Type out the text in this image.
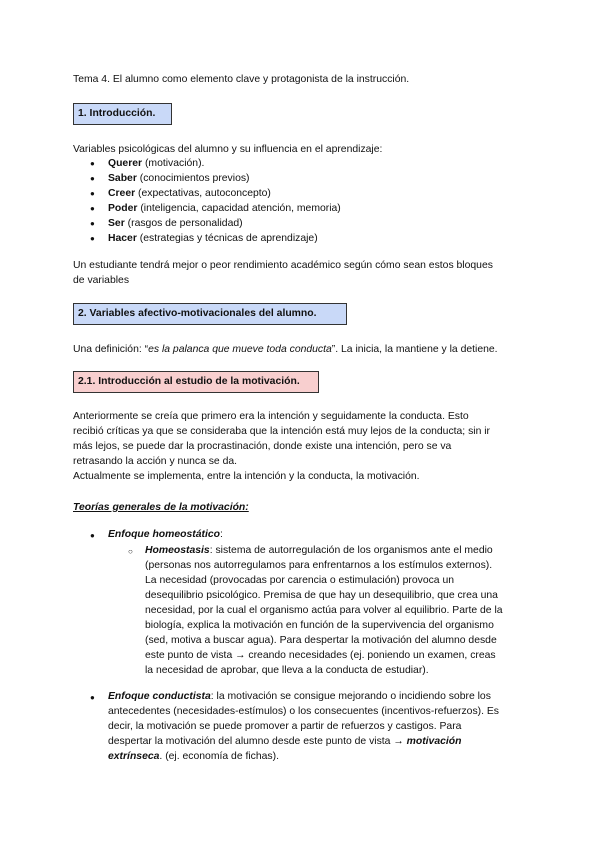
Tema 4. El alumno como elemento clave y protagonista de la instrucción.
1. Introducción.
Variables psicológicas del alumno y su influencia en el aprendizaje:
● Querer (motivación).
● Saber (conocimientos previos)
● Creer (expectativas, autoconcepto)
● Poder (inteligencia, capacidad atención, memoria)
● Ser (rasgos de personalidad)
● Hacer (estrategias y técnicas de aprendizaje)
Un estudiante tendrá mejor o peor rendimiento académico según cómo sean estos bloques
de variables
2. Variables afectivo-motivacionales del alumno.
Una definición: “es la palanca que mueve toda conducta”. La inicia, la mantiene y la detiene.
2.1. Introducción al estudio de la motivación.
Anteriormente se creía que primero era la intención y seguidamente la conducta. Esto
recibió críticas ya que se consideraba que la intención está muy lejos de la conducta; sin ir
más lejos, se puede dar la procrastinación, donde existe una intención, pero se va
retrasando la acción y nunca se da.
Actualmente se implementa, entre la intención y la conducta, la motivación.
Teorías generales de la motivación:
● Enfoque homeostático:
○ Homeostasis: sistema de autorregulación de los organismos ante el medio
(personas nos autorregulamos para enfrentarnos a los estímulos externos).
La necesidad (provocadas por carencia o estimulación) provoca un
desequilibrio psicológico. Premisa de que hay un desequilibrio, que crea una
necesidad, por la cual el organismo actúa para volver al equilibrio. Parte de la
biología, explica la motivación en función de la supervivencia del organismo
(sed, motiva a buscar agua). Para despertar la motivación del alumno desde
este punto de vista → creando necesidades (ej. poniendo un examen, creas
la necesidad de aprobar, que lleva a la conducta de estudiar).
● Enfoque conductista: la motivación se consigue mejorando o incidiendo sobre los
antecedentes (necesidades-estímulos) o los consecuentes (incentivos-refuerzos). Es
decir, la motivación se puede promover a partir de refuerzos y castigos. Para
despertar la motivación del alumno desde este punto de vista → motivación
extrínseca. (ej. economía de fichas).
